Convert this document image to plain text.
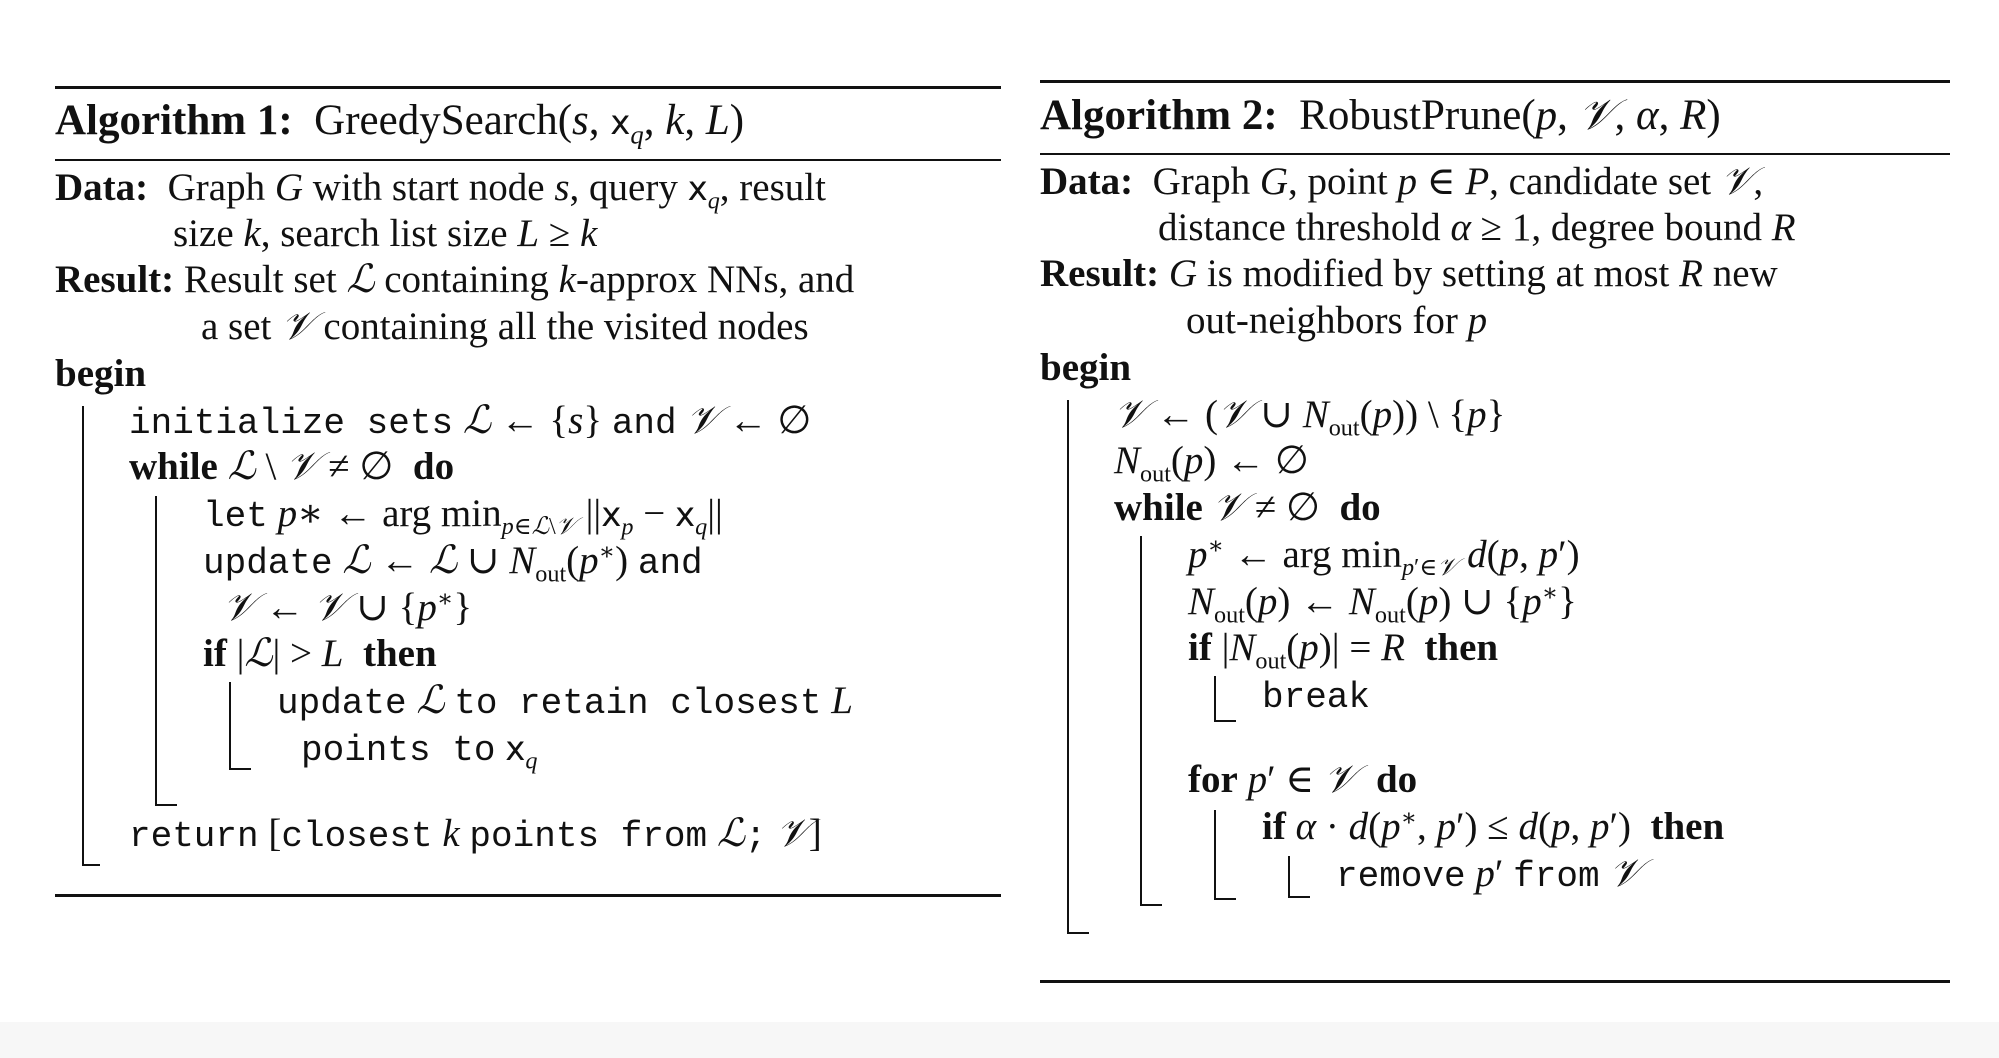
Algorithm 1: GreedySearch(s, $x_q$, k, L)
Data:  Graph G with start node s, query $x_q$, result
size k, search list size L ≥ k
Result: Result set ℒ containing k-approx NNs, and
a set 𝒱 containing all the visited nodes
begin
initialize sets ℒ ← {s} and 𝒱 ← ∅
while ℒ \ 𝒱 ≠ ∅  do
let p∗ ← arg $\min_{p\in ℒ\backslash 𝒱} ||x_p - x_q||$
update ℒ ← ℒ ∪ $N_{out}(p^∗)$ and
𝒱 ← 𝒱 ∪ {p∗}
if |ℒ| > L then
update ℒ to retain closest L
points to $x_q$
return [closest k points from ℒ; 𝒱]
Algorithm 2: RobustPrune(p, 𝒱, α, R)
Data:  Graph G, point p ∈ P, candidate set 𝒱,
distance threshold α ≥ 1, degree bound R
Result: G is modified by setting at most R new
out-neighbors for p
begin
𝒱 ← (𝒱 ∪ $N_{out}(p)$) \ {p}
$N_{out}(p)$ ← ∅
while 𝒱 ≠ ∅  do
p∗ ← arg $\min_{p'\in 𝒱} d(p$, p′)
$N_{out}(p)$ ← $N_{out}(p)$ ∪ {p∗}
if $|N_{out}(p)| = R$ then
break
for p′ ∈ 𝒱 do
if α · d(p∗, p′) ≤ d(p, p′)  then
remove p′ from 𝒱
